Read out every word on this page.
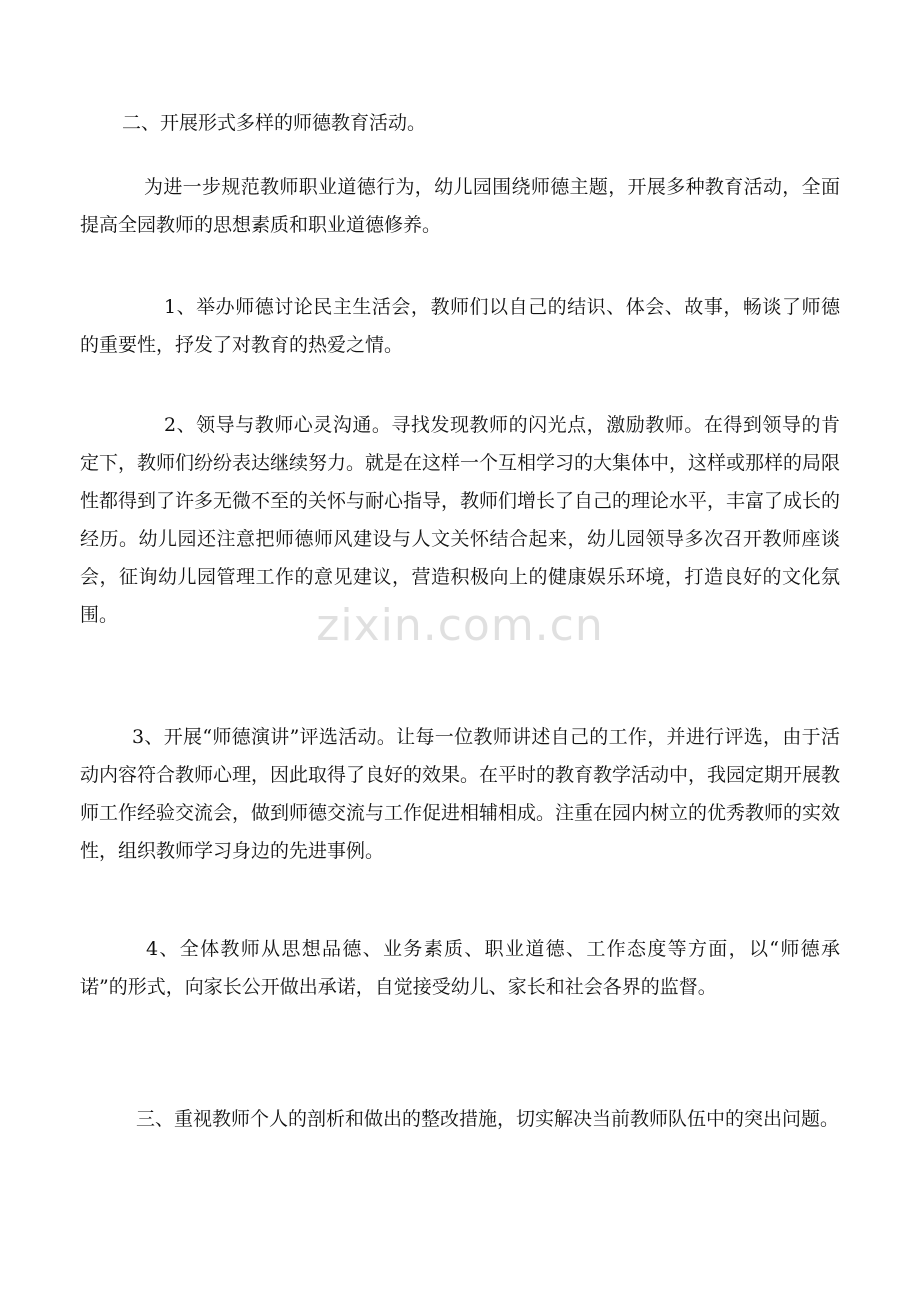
二、开展形式多样的师德教育活动。

为进一步规范教师职业道德行为，幼儿园围绕师德主题，开展多种教育活动，全面提高全园教师的思想素质和职业道德修养。

1、举办师德讨论民主生活会，教师们以自己的结识、体会、故事，畅谈了师德的重要性，抒发了对教育的热爱之情。

2、领导与教师心灵沟通。寻找发现教师的闪光点，激励教师。在得到领导的肯定下，教师们纷纷表达继续努力。就是在这样一个互相学习的大集体中，这样或那样的局限性都得到了许多无微不至的关怀与耐心指导，教师们增长了自己的理论水平，丰富了成长的经历。幼儿园还注意把师德师风建设与人文关怀结合起来，幼儿园领导多次召开教师座谈会，征询幼儿园管理工作的意见建议，营造积极向上的健康娱乐环境，打造良好的文化氛围。	zixin.com.cn

3、开展“师德演讲”评选活动。让每一位教师讲述自己的工作，并进行评选，由于活动内容符合教师心理，因此取得了良好的效果。在平时的教育教学活动中，我园定期开展教师工作经验交流会，做到师德交流与工作促进相辅相成。注重在园内树立的优秀教师的实效性，组织教师学习身边的先进事例。

4、全体教师从思想品德、业务素质、职业道德、工作态度等方面，以“师德承诺”的形式，向家长公开做出承诺，自觉接受幼儿、家长和社会各界的监督。

三、重视教师个人的剖析和做出的整改措施，切实解决当前教师队伍中的突出问题。
